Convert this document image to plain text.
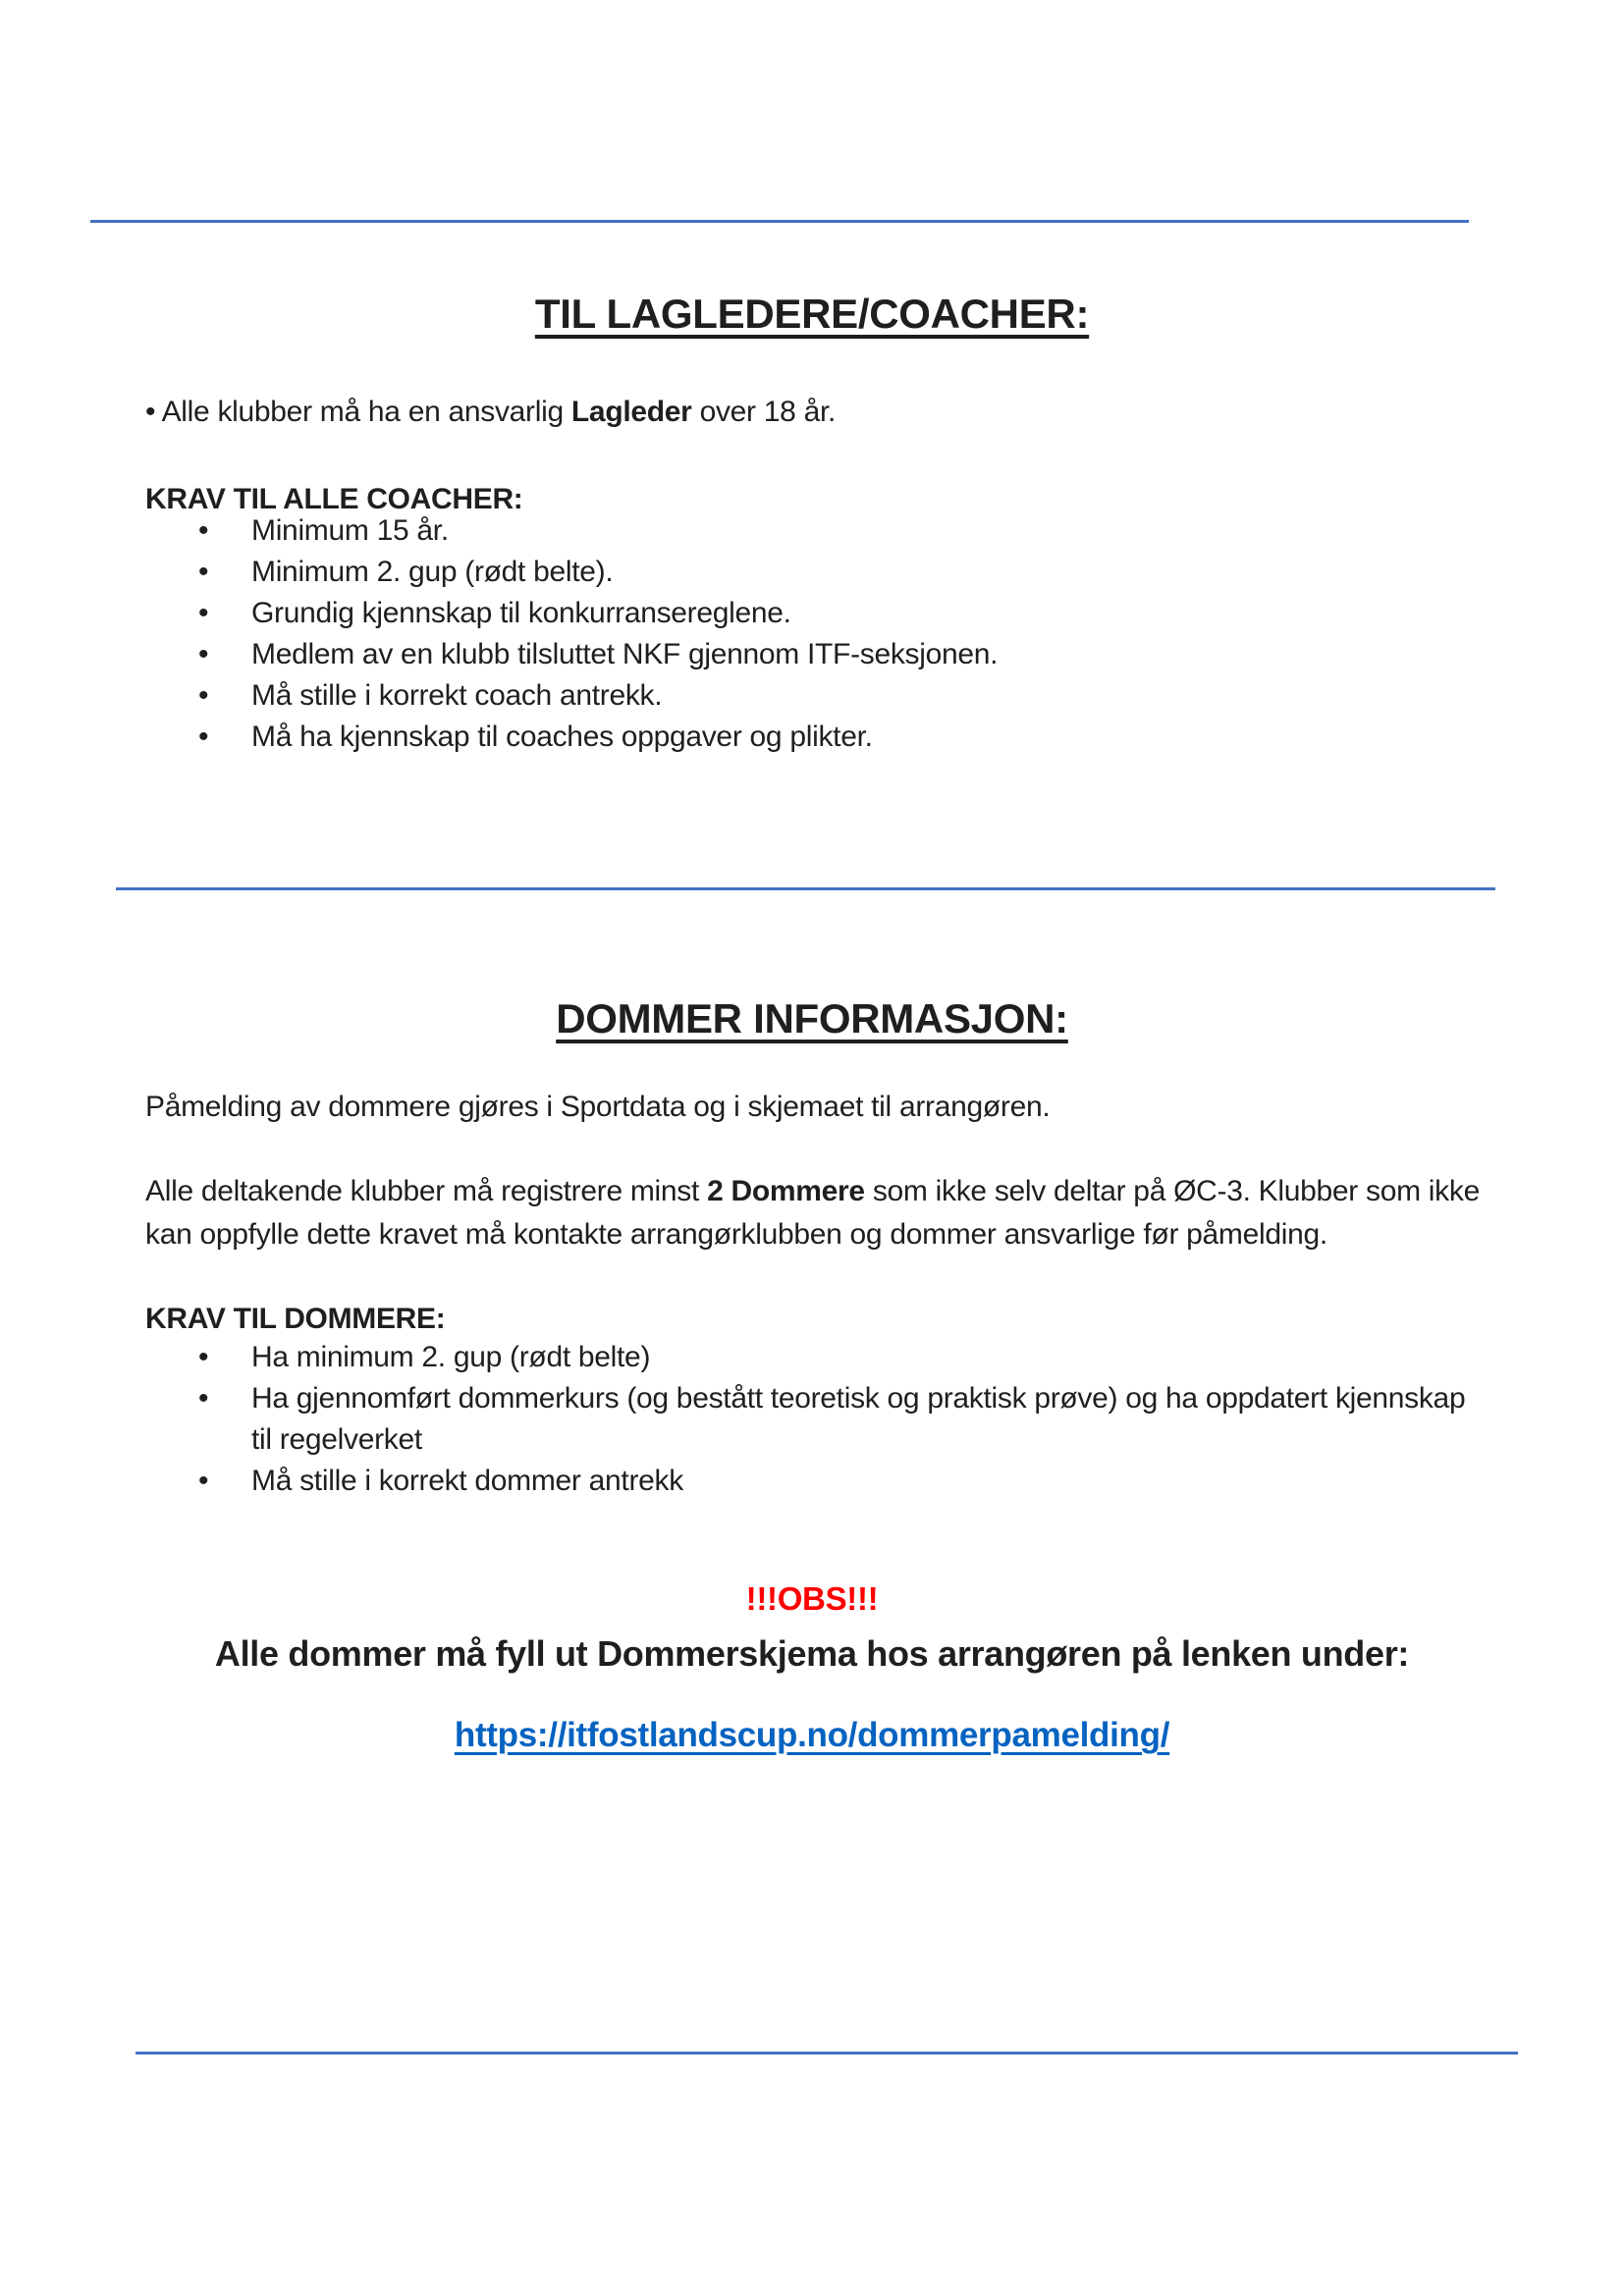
TIL LAGLEDERE/COACHER:

• Alle klubber må ha en ansvarlig Lagleder over 18 år.

KRAV TIL ALLE COACHER:

• Minimum 15 år.
• Minimum 2. gup (rødt belte).
• Grundig kjennskap til konkurransereglene.
• Medlem av en klubb tilsluttet NKF gjennom ITF-seksjonen.
• Må stille i korrekt coach antrekk.
• Må ha kjennskap til coaches oppgaver og plikter.
DOMMER INFORMASJON:

Påmelding av dommere gjøres i Sportdata og i skjemaet til arrangøren.

Alle deltakende klubber må registrere minst 2 Dommere som ikke selv deltar på ØC-3. Klubber som ikke kan oppfylle dette kravet må kontakte arrangørklubben og dommer ansvarlige før påmelding.

KRAV TIL DOMMERE:

• Ha minimum 2. gup (rødt belte)
• Ha gjennomført dommerkurs (og bestått teoretisk og praktisk prøve) og ha oppdatert kjennskap til regelverket
• Må stille i korrekt dommer antrekk

!!!OBS!!!

Alle dommer må fyll ut Dommerskjema hos arrangøren på lenken under:

https://itfostlandscup.no/dommerpamelding/
